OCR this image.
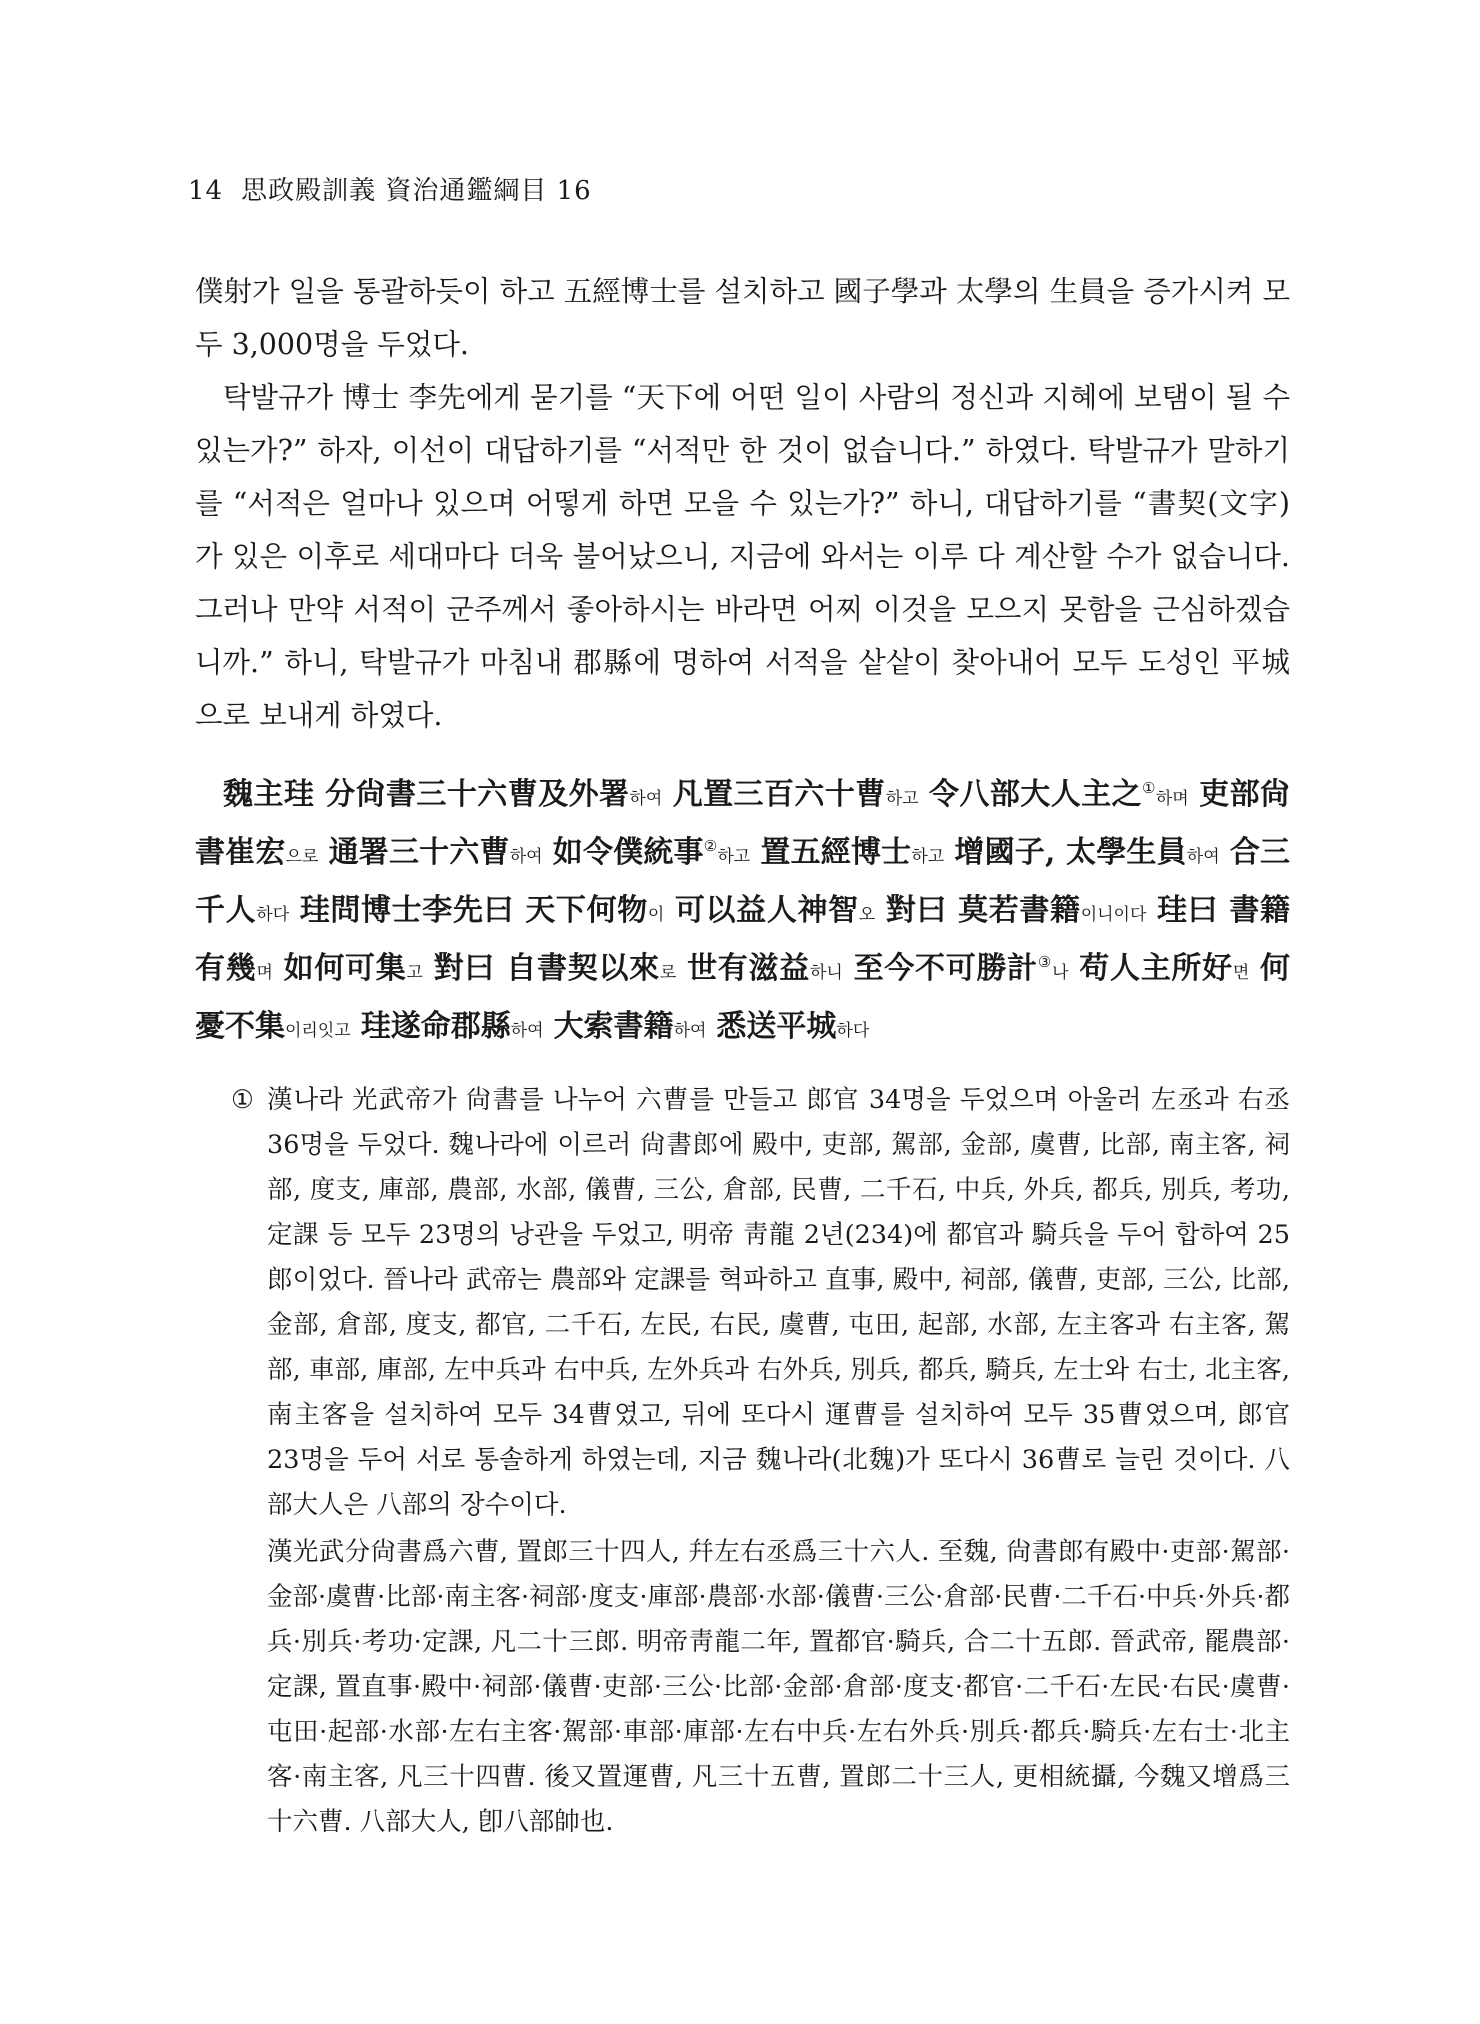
14 思政殿訓義 資治通鑑綱目 16

僕射가 일을 통괄하듯이 하고 五經博士를 설치하고 國子學과 太學의 生員을 증가시켜 모두 3,000명을 두었다.

탁발규가 博士 李先에게 묻기를 “天下에 어떤 일이 사람의 정신과 지혜에 보탬이 될 수 있는가?” 하자, 이선이 대답하기를 “서적만 한 것이 없습니다.” 하였다. 탁발규가 말하기를 “서적은 얼마나 있으며 어떻게 하면 모을 수 있는가?” 하니, 대답하기를 “書契(文字)가 있은 이후로 세대마다 더욱 불어났으니, 지금에 와서는 이루 다 계산할 수가 없습니다. 그러나 만약 서적이 군주께서 좋아하시는 바라면 어찌 이것을 모으지 못함을 근심하겠습니까.” 하니, 탁발규가 마침내 郡縣에 명하여 서적을 샅샅이 찾아내어 모두 도성인 平城으로 보내게 하였다.

魏主珪 分尙書三十六曹及外署하여 凡置三百六十曹하고 令八部大人主之①하며 吏部尙書崔宏으로 通署三十六曹하여 如令僕統事②하고 置五經博士하고 增國子, 太學生員하여 合三千人하다 珪問博士李先曰 天下何物이 可以益人神智오 對曰 莫若書籍이니이다 珪曰 書籍有幾며 如何可集고 對曰 自書契以來로 世有滋益하니 至今不可勝計③나 苟人主所好면 何憂不集이리잇고 珪遂命郡縣하여 大索書籍하여 悉送平城하다
① 漢나라 光武帝가 尙書를 나누어 六曹를 만들고 郎官 34명을 두었으며 아울러 左丞과 右丞 36명을 두었다. 魏나라에 이르러 尙書郎에 殿中, 吏部, 駕部, 金部, 虞曹, 比部, 南主客, 祠部, 度支, 庫部, 農部, 水部, 儀曹, 三公, 倉部, 民曹, 二千石, 中兵, 外兵, 都兵, 別兵, 考功, 定課 등 모두 23명의 낭관을 두었고, 明帝 靑龍 2년(234)에 都官과 騎兵을 두어 합하여 25郎이었다. 晉나라 武帝는 農部와 定課를 혁파하고 直事, 殿中, 祠部, 儀曹, 吏部, 三公, 比部, 金部, 倉部, 度支, 都官, 二千石, 左民, 右民, 虞曹, 屯田, 起部, 水部, 左主客과 右主客, 駕部, 車部, 庫部, 左中兵과 右中兵, 左外兵과 右外兵, 別兵, 都兵, 騎兵, 左士와 右士, 北主客, 南主客을 설치하여 모두 34曹였고, 뒤에 또다시 運曹를 설치하여 모두 35曹였으며, 郎官 23명을 두어 서로 통솔하게 하였는데, 지금 魏나라(北魏)가 또다시 36曹로 늘린 것이다. 八部大人은 八部의 장수이다.
漢光武分尙書爲六曹, 置郎三十四人, 幷左右丞爲三十六人. 至魏, 尙書郎有殿中·吏部·駕部·金部·虞曹·比部·南主客·祠部·度支·庫部·農部·水部·儀曹·三公·倉部·民曹·二千石·中兵·外兵·都兵·別兵·考功·定課, 凡二十三郎. 明帝靑龍二年, 置都官·騎兵, 合二十五郎. 晉武帝, 罷農部·定課, 置直事·殿中·祠部·儀曹·吏部·三公·比部·金部·倉部·度支·都官·二千石·左民·右民·虞曹·屯田·起部·水部·左右主客·駕部·車部·庫部·左右中兵·左右外兵·別兵·都兵·騎兵·左右士·北主客·南主客, 凡三十四曹. 後又置運曹, 凡三十五曹, 置郎二十三人, 更相統攝, 今魏又增爲三十六曹. 八部大人, 卽八部帥也.
